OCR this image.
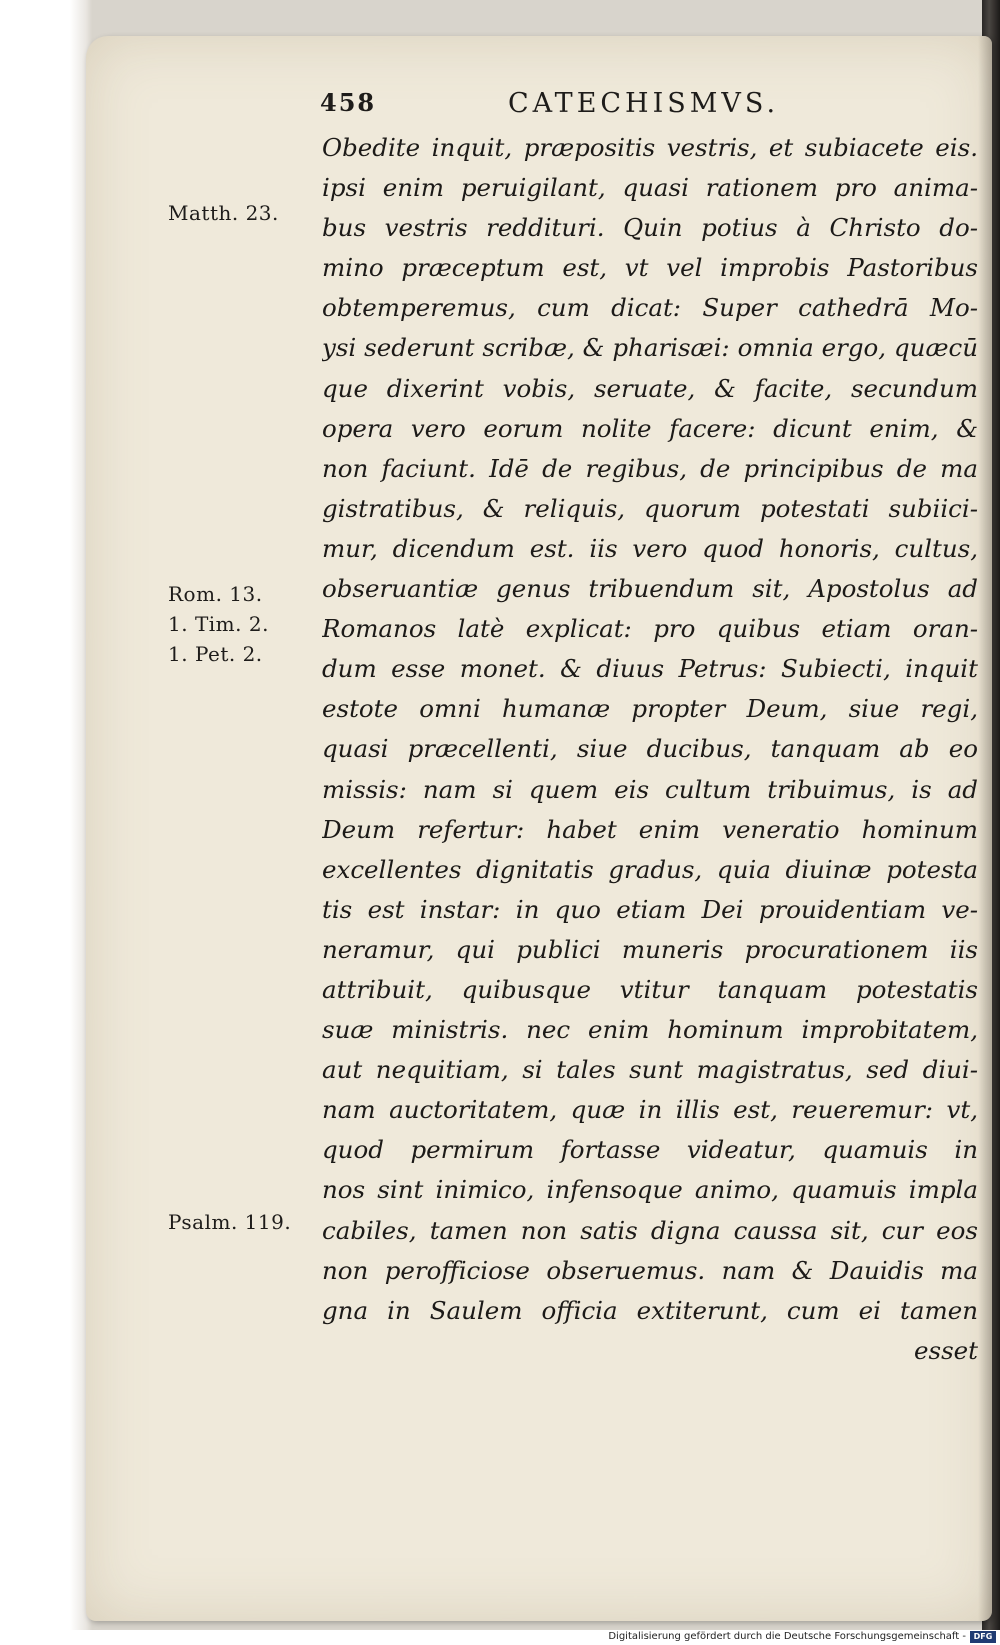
458	CATECHISMVS.
Matth. 23.
Rom. 13.
1. Tim. 2.
1. Pet. 2.
Psalm. 119.
Obedite inquit, præpositis vestris, et subiacete eis.
ipsi enim peruigilant, quasi rationem pro anima-
bus vestris reddituri. Quin potius à Christo do-
mino præceptum est, vt vel improbis Pastoribus
obtemperemus, cum dicat: Super cathedrā Mo-
ysi sederunt scribæ, & pharisæi: omnia ergo, quæcū
que dixerint vobis, seruate, & facite, secundum
opera vero eorum nolite facere: dicunt enim, &
non faciunt. Idē de regibus, de principibus de ma
gistratibus, & reliquis, quorum potestati subiici-
mur, dicendum est. iis vero quod honoris, cultus,
obseruantiæ genus tribuendum sit, Apostolus ad
Romanos latè explicat: pro quibus etiam oran-
dum esse monet. & diuus Petrus: Subiecti, inquit
estote omni humanæ propter Deum, siue regi,
quasi præcellenti, siue ducibus, tanquam ab eo
missis: nam si quem eis cultum tribuimus, is ad
Deum refertur: habet enim veneratio hominum
excellentes dignitatis gradus, quia diuinæ potesta
tis est instar: in quo etiam Dei prouidentiam ve-
neramur, qui publici muneris procurationem iis
attribuit, quibusque vtitur tanquam potestatis
suæ ministris. nec enim hominum improbitatem,
aut nequitiam, si tales sunt magistratus, sed diui-
nam auctoritatem, quæ in illis est, reueremur: vt,
quod permirum fortasse videatur, quamuis in
nos sint inimico, infensoque animo, quamuis impla
cabiles, tamen non satis digna caussa sit, cur eos
non perofficiose obseruemus. nam & Dauidis ma
gna in Saulem officia extiterunt, cum ei tamen
esset
Digitalisierung gefördert durch die Deutsche Forschungsgemeinschaft - DFG
